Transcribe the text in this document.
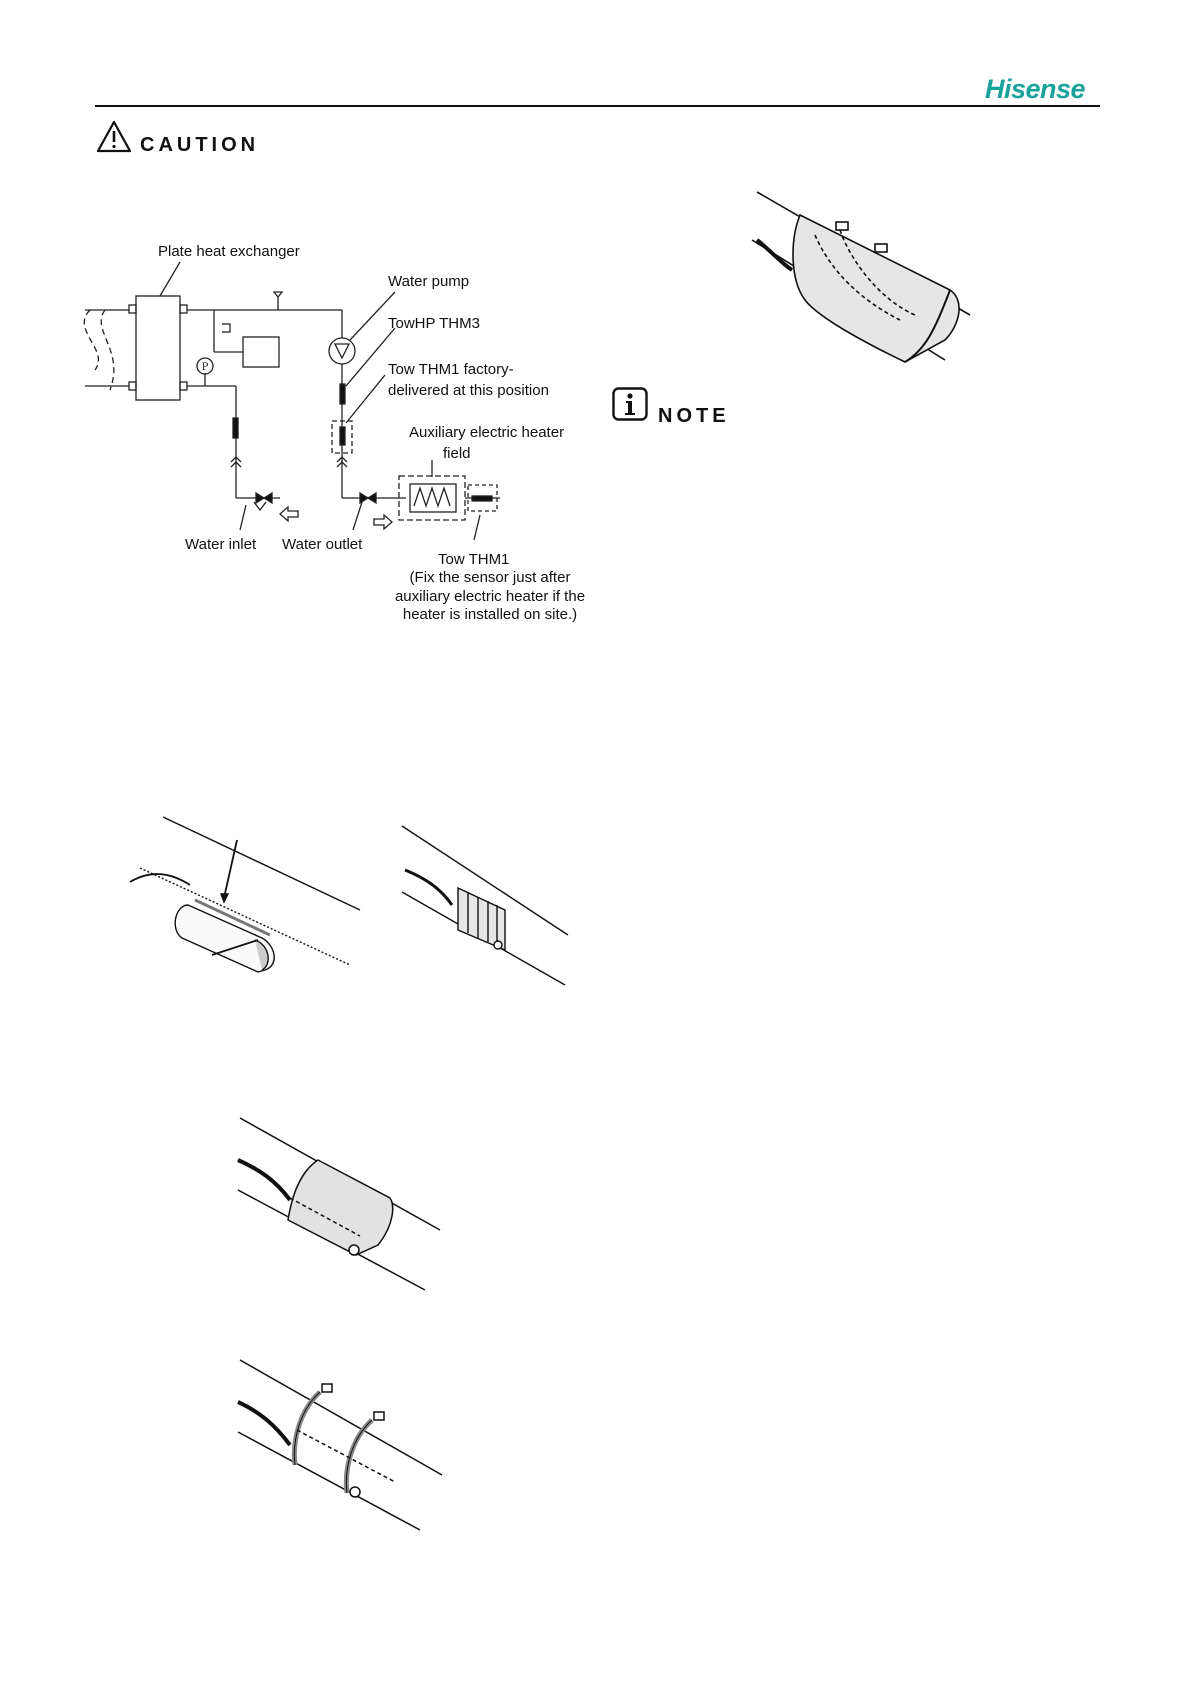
Hisense
CAUTION
NOTE
P
Plate heat exchanger
Water pump
TowHP THM3
Tow THM1 factory-
delivered at this position
Auxiliary electric heater
field
Water inlet Water outlet
Tow THM1
(Fix the sensor just after
auxiliary electric heater if the
heater is installed on site.)
